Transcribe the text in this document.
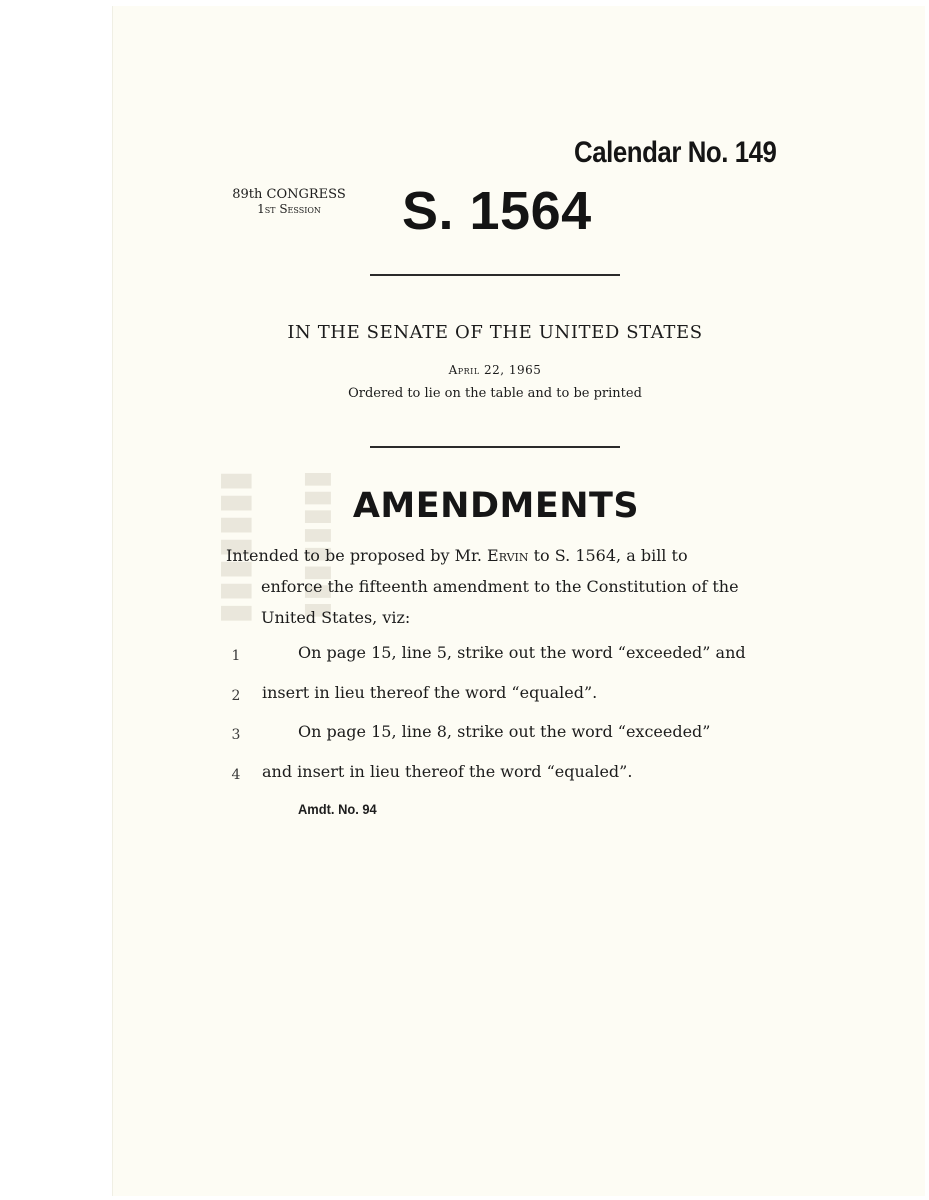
▮▮▮▮▮▮▮ ▮▮▮▮▮▮▮▮
Calendar No. 149
89th CONGRESS
1st Session	S. 1564
IN THE SENATE OF THE UNITED STATES
April 22, 1965
Ordered to lie on the table and to be printed
AMENDMENTS
Intended to be proposed by Mr. Ervin to S. 1564, a bill to
enforce the fifteenth amendment to the Constitution of the
United States, viz:
1	On page 15, line 5, strike out the word “exceeded” and
2	insert in lieu thereof the word “equaled”.
3	On page 15, line 8, strike out the word “exceeded”
4	and insert in lieu thereof the word “equaled”.
Amdt. No. 94
